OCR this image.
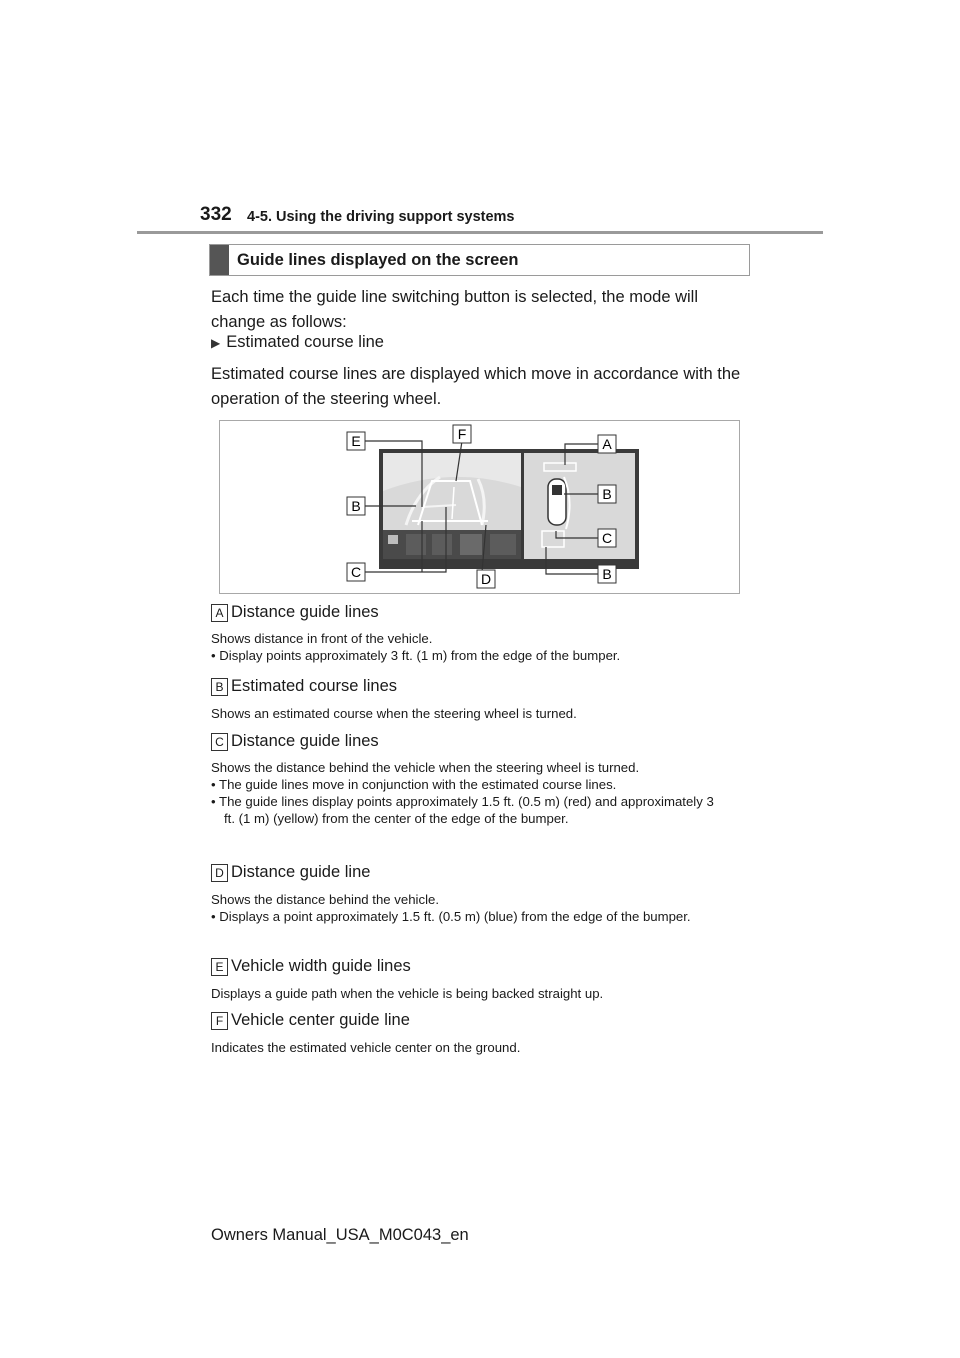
332 4-5. Using the driving support systems
Guide lines displayed on the screen
Each time the guide line switching button is selected, the mode will change as follows:
▶ Estimated course line
Estimated course lines are displayed which move in accordance with the operation of the steering wheel.
E	F
A
B
B
C
C	D	B
A Distance guide lines
Shows distance in front of the vehicle.
• Display points approximately 3 ft. (1 m) from the edge of the bumper.
B Estimated course lines
Shows an estimated course when the steering wheel is turned.
C Distance guide lines
Shows the distance behind the vehicle when the steering wheel is turned.
• The guide lines move in conjunction with the estimated course lines.
• The guide lines display points approximately 1.5 ft. (0.5 m) (red) and approximately 3 ft. (1 m) (yellow) from the center of the edge of the bumper.
D Distance guide line
Shows the distance behind the vehicle.
• Displays a point approximately 1.5 ft. (0.5 m) (blue) from the edge of the bumper.
E Vehicle width guide lines
Displays a guide path when the vehicle is being backed straight up.
F Vehicle center guide line
Indicates the estimated vehicle center on the ground.
Owners Manual_USA_M0C043_en
